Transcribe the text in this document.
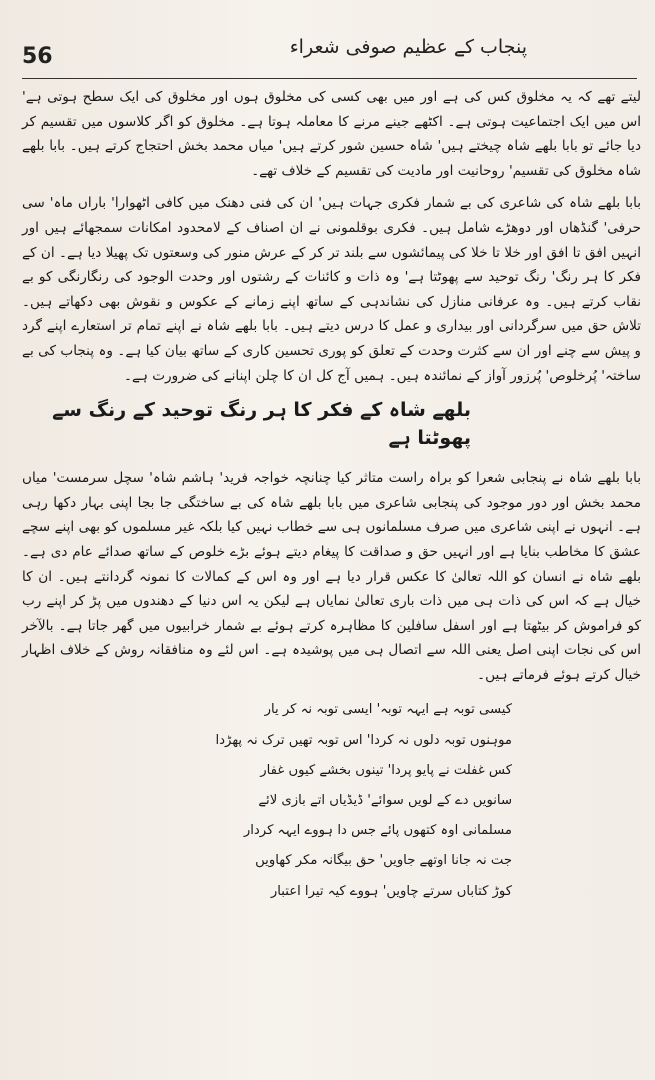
56	پنجاب کے عظیم صوفی شعراء

لیتے تھے کہ یہ مخلوق کس کی ہے اور میں بھی کسی کی مخلوق ہوں اور مخلوق کی ایک سطح ہوتی ہے' اس میں ایک اجتماعیت ہوتی ہے۔ اکٹھے جینے مرنے کا معاملہ ہوتا ہے۔ مخلوق کو اگر کلاسوں میں تقسیم کر دیا جائے تو بابا بلھے شاہ چیختے ہیں' شاہ حسین شور کرتے ہیں' میاں محمد بخش احتجاج کرتے ہیں۔ بابا بلھے شاہ مخلوق کی تقسیم' روحانیت اور مادیت کی تقسیم کے خلاف تھے۔

بابا بلھے شاہ کی شاعری کی بے شمار فکری جہات ہیں' ان کی فنی دھنک میں کافی اٹھوارا' باراں ماہ' سی حرفی' گنڈھاں اور دوھڑے شامل ہیں۔ فکری بوقلمونی نے ان اصناف کے لامحدود امکانات سمجھائے ہیں اور انہیں افق تا افق اور خلا تا خلا کی پیمائشوں سے بلند تر کر کے عرش منور کی وسعتوں تک پھیلا دیا ہے۔ ان کے فکر کا ہر رنگ' رنگ توحید سے پھوٹتا ہے' وہ ذات و کائنات کے رشتوں اور وحدت الوجود کی رنگارنگی کو بے نقاب کرتے ہیں۔ وہ عرفانی منازل کی نشاندہی کے ساتھ اپنے زمانے کے عکوس و نقوش بھی دکھاتے ہیں۔ تلاش حق میں سرگردانی اور بیداری و عمل کا درس دیتے ہیں۔ بابا بلھے شاہ نے اپنے تمام تر استعارے اپنے گرد و پیش سے چنے اور ان سے کثرت وحدت کے تعلق کو پوری تحسین کاری کے ساتھ بیان کیا ہے۔ وہ پنجاب کی بے ساختہ' پُرخلوص' پُرزور آواز کے نمائندہ ہیں۔ ہمیں آج کل ان کا چلن اپنانے کی ضرورت ہے۔

بلھے شاہ کے فکر کا ہر رنگ توحید کے رنگ سے پھوٹتا ہے

بابا بلھے شاہ نے پنجابی شعرا کو براہ راست متاثر کیا چنانچہ خواجہ فرید' ہاشم شاہ' سچل سرمست' میاں محمد بخش اور دور موجود کی پنجابی شاعری میں بابا بلھے شاہ کی بے ساختگی جا بجا اپنی بہار دکھا رہی ہے۔ انہوں نے اپنی شاعری میں صرف مسلمانوں ہی سے خطاب نہیں کیا بلکہ غیر مسلموں کو بھی اپنے سچے عشق کا مخاطب بنایا ہے اور انہیں حق و صداقت کا پیغام دیتے ہوئے بڑے خلوص کے ساتھ صدائے عام دی ہے۔ بلھے شاہ نے انسان کو اللہ تعالیٰ کا عکس قرار دیا ہے اور وہ اس کے کمالات کا نمونہ گردانتے ہیں۔ ان کا خیال ہے کہ اس کی ذات ہی میں ذات باری تعالیٰ نمایاں ہے لیکن یہ اس دنیا کے دھندوں میں پڑ کر اپنے رب کو فراموش کر بیٹھتا ہے اور اسفل سافلین کا مظاہرہ کرتے ہوئے بے شمار خرابیوں میں گھر جاتا ہے۔ بالآخر اس کی نجات اپنی اصل یعنی اللہ سے اتصال ہی میں پوشیدہ ہے۔ اس لئے وہ منافقانہ روش کے خلاف اظہار خیال کرتے ہوئے فرماتے ہیں۔

کیسی توبہ ہے ایہہ توبہ' ایسی توبہ نہ کر یار

موہنوں توبہ دلوں نہ کردا' اس توبہ تھیں ترک نہ پھڑدا

کس غفلت نے پایو پردا' تینوں بخشے کیوں غفار

سانویں دے کے لویں سوائے' ڈیڈیاں اتے بازی لائے

مسلمانی اوہ کتھوں پائے جس دا ہووے ایہہ کردار

جت نہ جانا اوتھے جاویں' حق بیگانہ مکر کھاویں

کوڑ کتاباں سرتے چاویں' ہووے کیہ تیرا اعتبار
